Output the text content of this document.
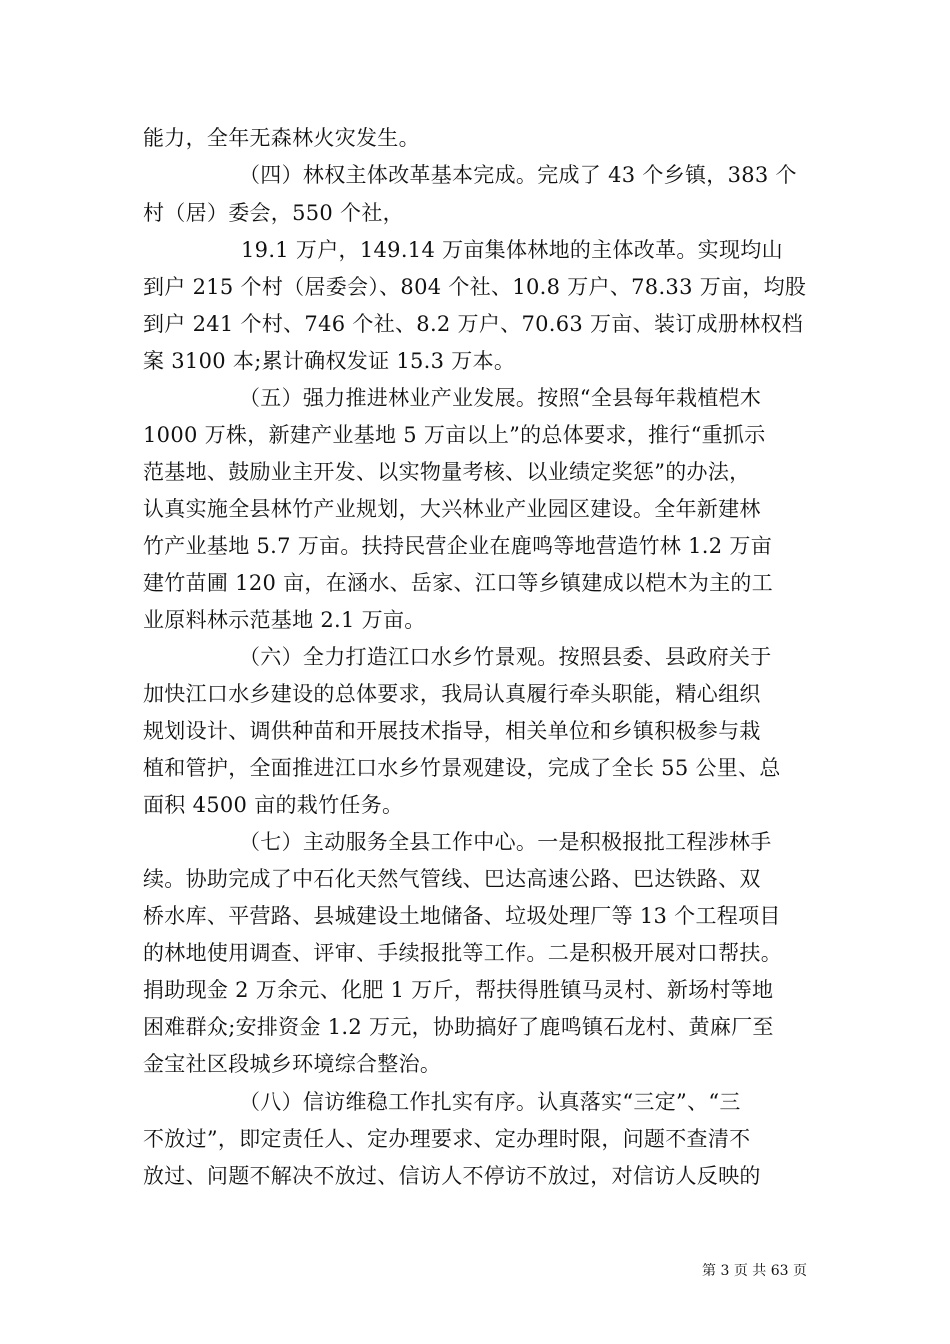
能力，全年无森林火灾发生。
（四）林权主体改革基本完成。完成了 43 个乡镇，383 个
村（居）委会，550 个社，
19.1 万户，149.14 万亩集体林地的主体改革。实现均山
到户 215 个村（居委会）、804 个社、10.8 万户、78.33 万亩，均股
到户 241 个村、746 个社、8.2 万户、70.63 万亩、装订成册林权档
案 3100 本;累计确权发证 15.3 万本。
（五）强力推进林业产业发展。按照“全县每年栽植桤木
1000 万株，新建产业基地 5 万亩以上”的总体要求，推行“重抓示
范基地、鼓励业主开发、以实物量考核、以业绩定奖惩”的办法，
认真实施全县林竹产业规划，大兴林业产业园区建设。全年新建林
竹产业基地 5.7 万亩。扶持民营企业在鹿鸣等地营造竹林 1.2 万亩
建竹苗圃 120 亩，在涵水、岳家、江口等乡镇建成以桤木为主的工
业原料林示范基地 2.1 万亩。
（六）全力打造江口水乡竹景观。按照县委、县政府关于
加快江口水乡建设的总体要求，我局认真履行牵头职能，精心组织
规划设计、调供种苗和开展技术指导，相关单位和乡镇积极参与栽
植和管护，全面推进江口水乡竹景观建设，完成了全长 55 公里、总
面积 4500 亩的栽竹任务。
（七）主动服务全县工作中心。一是积极报批工程涉林手
续。协助完成了中石化天然气管线、巴达高速公路、巴达铁路、双
桥水库、平营路、县城建设土地储备、垃圾处理厂等 13 个工程项目
的林地使用调查、评审、手续报批等工作。二是积极开展对口帮扶。
捐助现金 2 万余元、化肥 1 万斤，帮扶得胜镇马灵村、新场村等地
困难群众;安排资金 1.2 万元，协助搞好了鹿鸣镇石龙村、黄麻厂至
金宝社区段城乡环境综合整治。
（八）信访维稳工作扎实有序。认真落实“三定”、“三
不放过”，即定责任人、定办理要求、定办理时限，问题不查清不
放过、问题不解决不放过、信访人不停访不放过，对信访人反映的
第 3 页 共 63 页
